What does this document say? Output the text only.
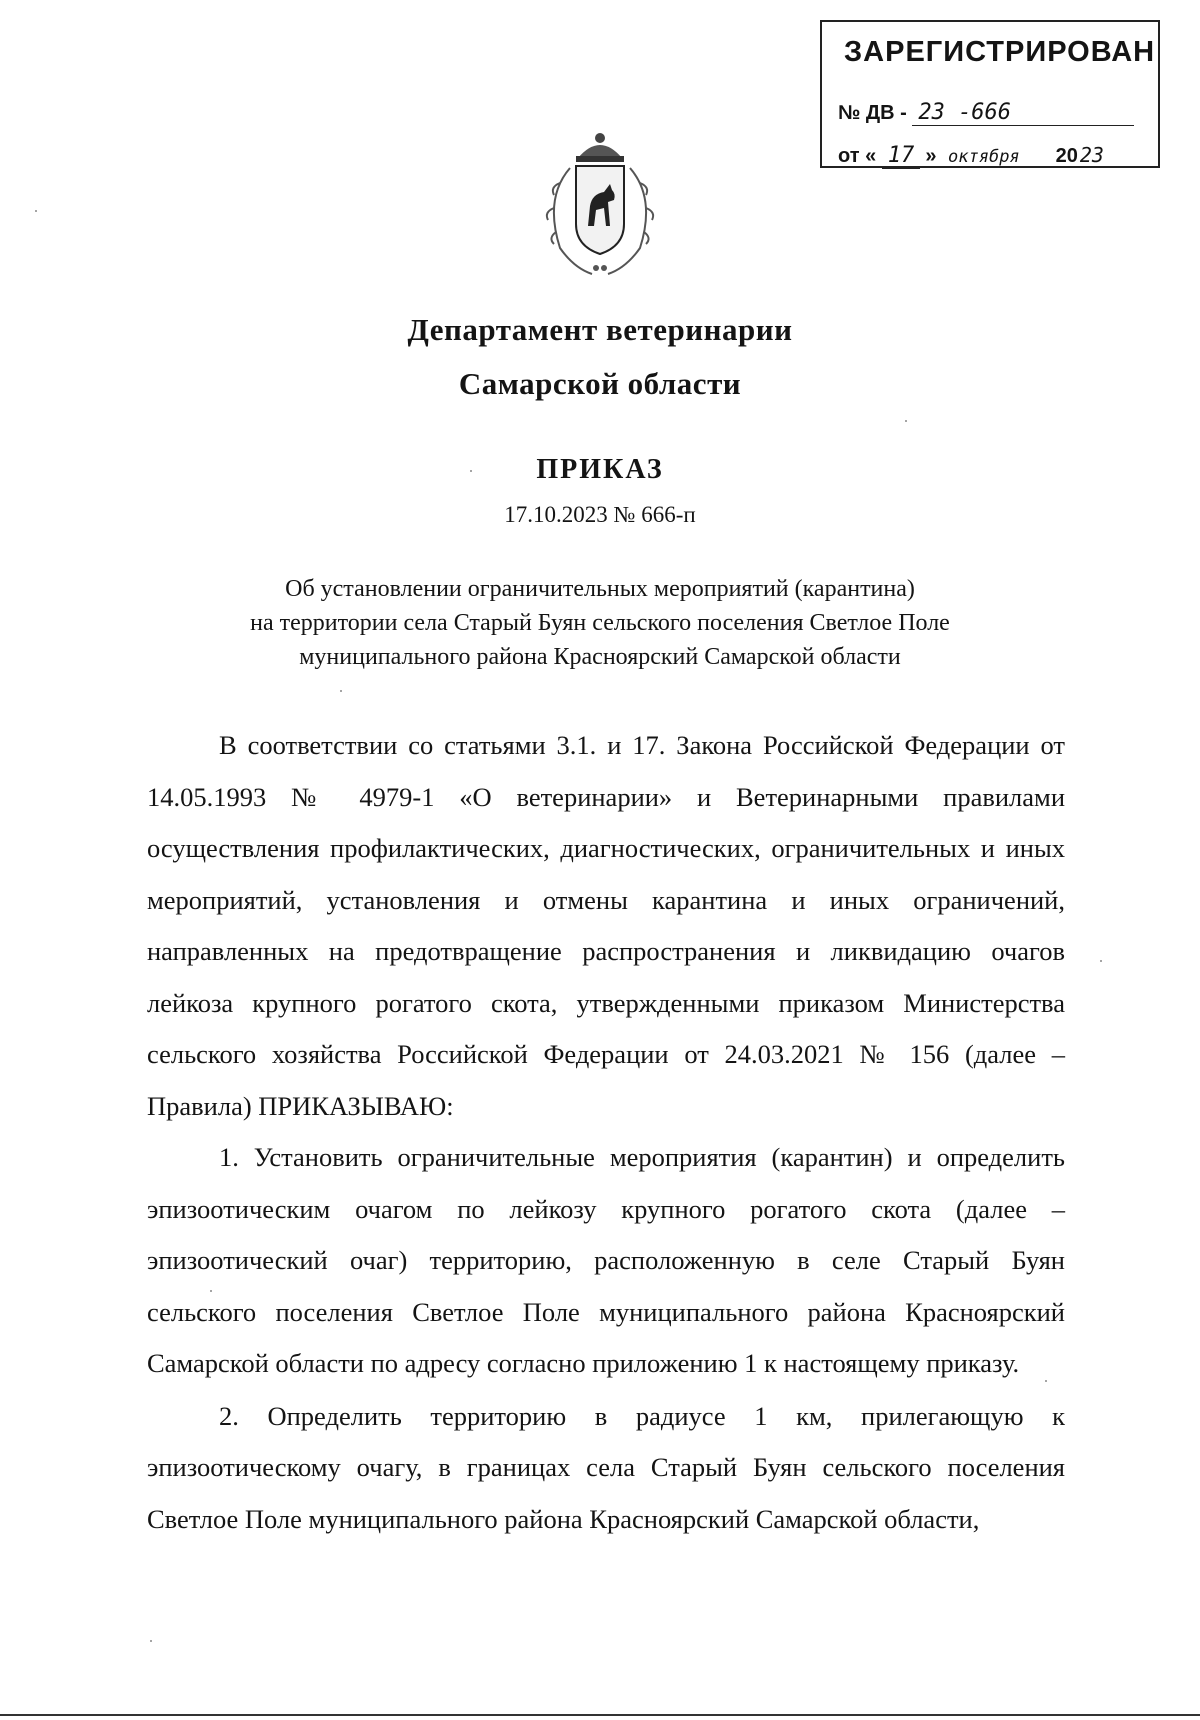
ЗАРЕГИСТРИРОВАН
№ ДВ - 23 -666
от « 17 » октября 20 23
Департамент ветеринарии
Самарской области
ПРИКАЗ
17.10.2023 № 666-п
Об установлении ограничительных мероприятий (карантина)
на территории села Старый Буян сельского поселения Светлое Поле
муниципального района Красноярский Самарской области

В соответствии со статьями 3.1. и 17. Закона Российской Федерации от 14.05.1993 № 4979-1 «О ветеринарии» и Ветеринарными правилами осуществления профилактических, диагностических, ограничительных и иных мероприятий, установления и отмены карантина и иных ограничений, направленных на предотвращение распространения и ликвидацию очагов лейкоза крупного рогатого скота, утвержденными приказом Министерства сельского хозяйства Российской Федерации от 24.03.2021 № 156 (далее – Правила) ПРИКАЗЫВАЮ:

1. Установить ограничительные мероприятия (карантин) и определить эпизоотическим очагом по лейкозу крупного рогатого скота (далее – эпизоотический очаг) территорию, расположенную в селе Старый Буян сельского поселения Светлое Поле муниципального района Красноярский Самарской области по адресу согласно приложению 1 к настоящему приказу.

2. Определить территорию в радиусе 1 км, прилегающую к эпизоотическому очагу, в границах села Старый Буян сельского поселения Светлое Поле муниципального района Красноярский Самарской области,
